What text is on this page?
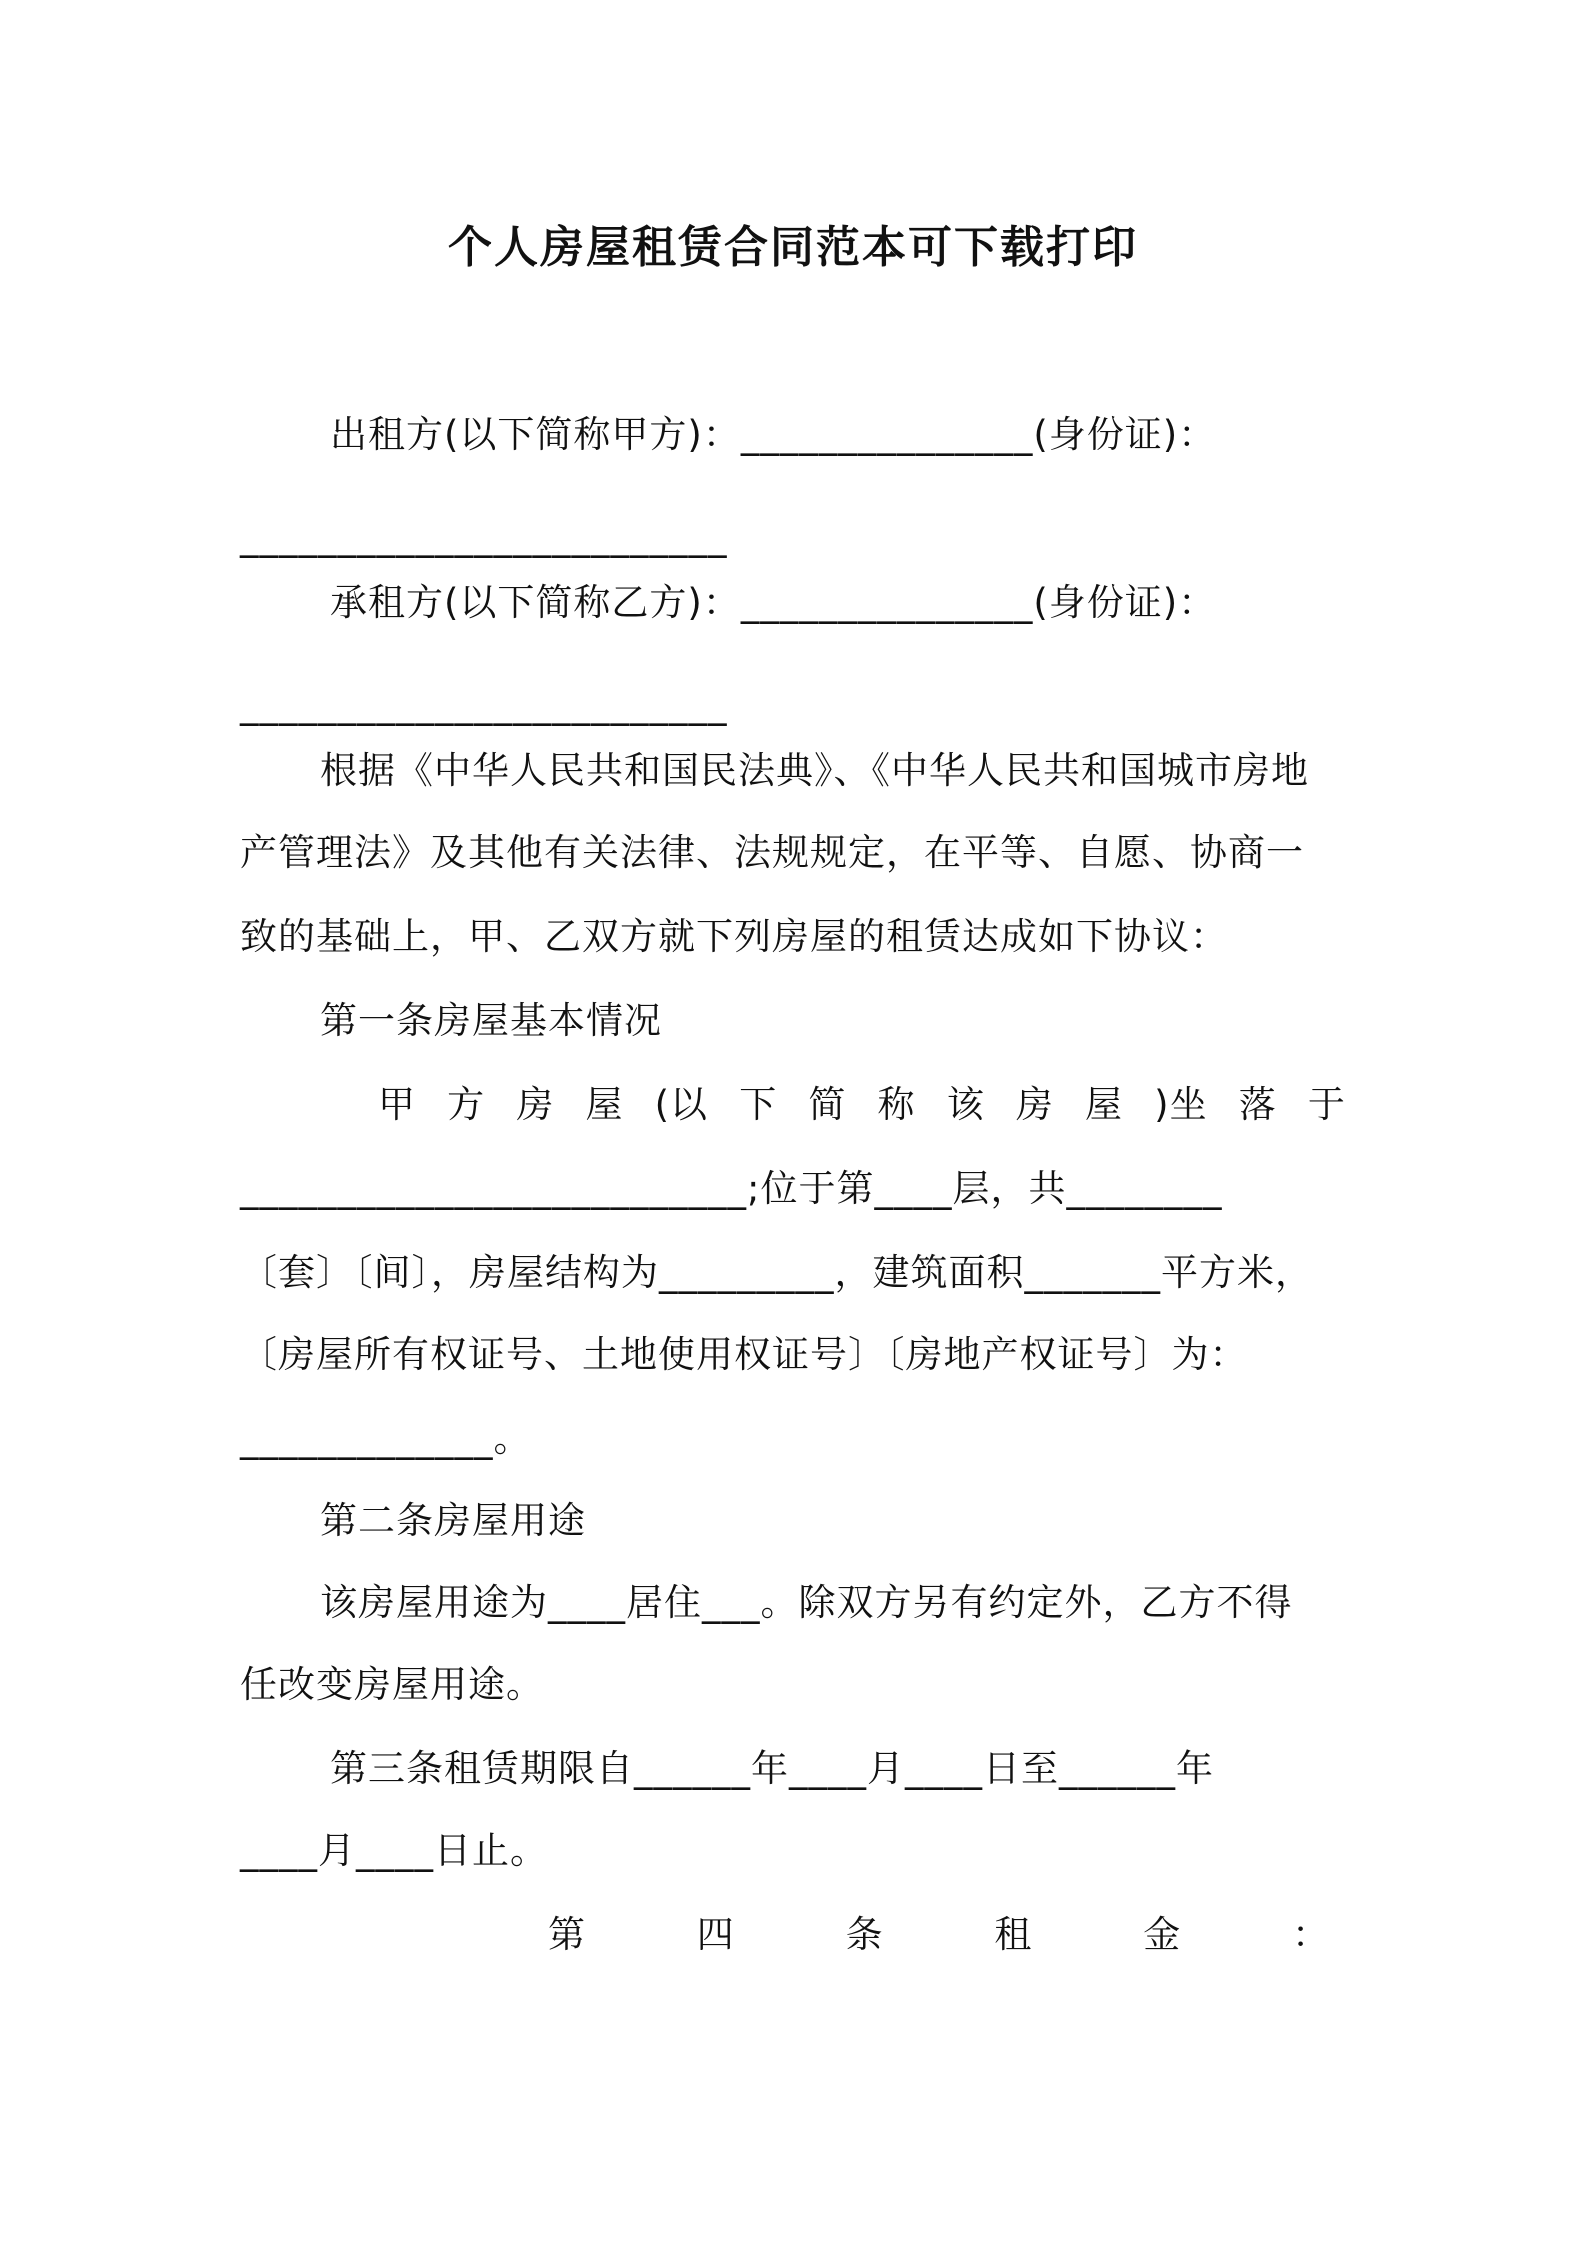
个人房屋租赁合同范本可下载打印
出租方(以下简称甲方)：_______________(身份证)：
_________________________
承租方(以下简称乙方)：_______________(身份证)：
_________________________
根据《中华人民共和国民法典》、《中华人民共和国城市房地
产管理法》及其他有关法律、法规规定，在平等、自愿、协商一
致的基础上，甲、乙双方就下列房屋的租赁达成如下协议：
第一条房屋基本情况
甲 方 房 屋 (以 下 简 称 该 房 屋 )坐 落 于
__________________________;位于第____层，共________
〔套〕〔间〕，房屋结构为_________，建筑面积_______平方米，
〔房屋所有权证号、土地使用权证号〕〔房地产权证号〕为：
_____________。
第二条房屋用途
该房屋用途为____居住___。除双方另有约定外，乙方不得
任改变房屋用途。
第三条租赁期限自______年____月____日至______年
____月____日止。
第	四	条	租	金	：
